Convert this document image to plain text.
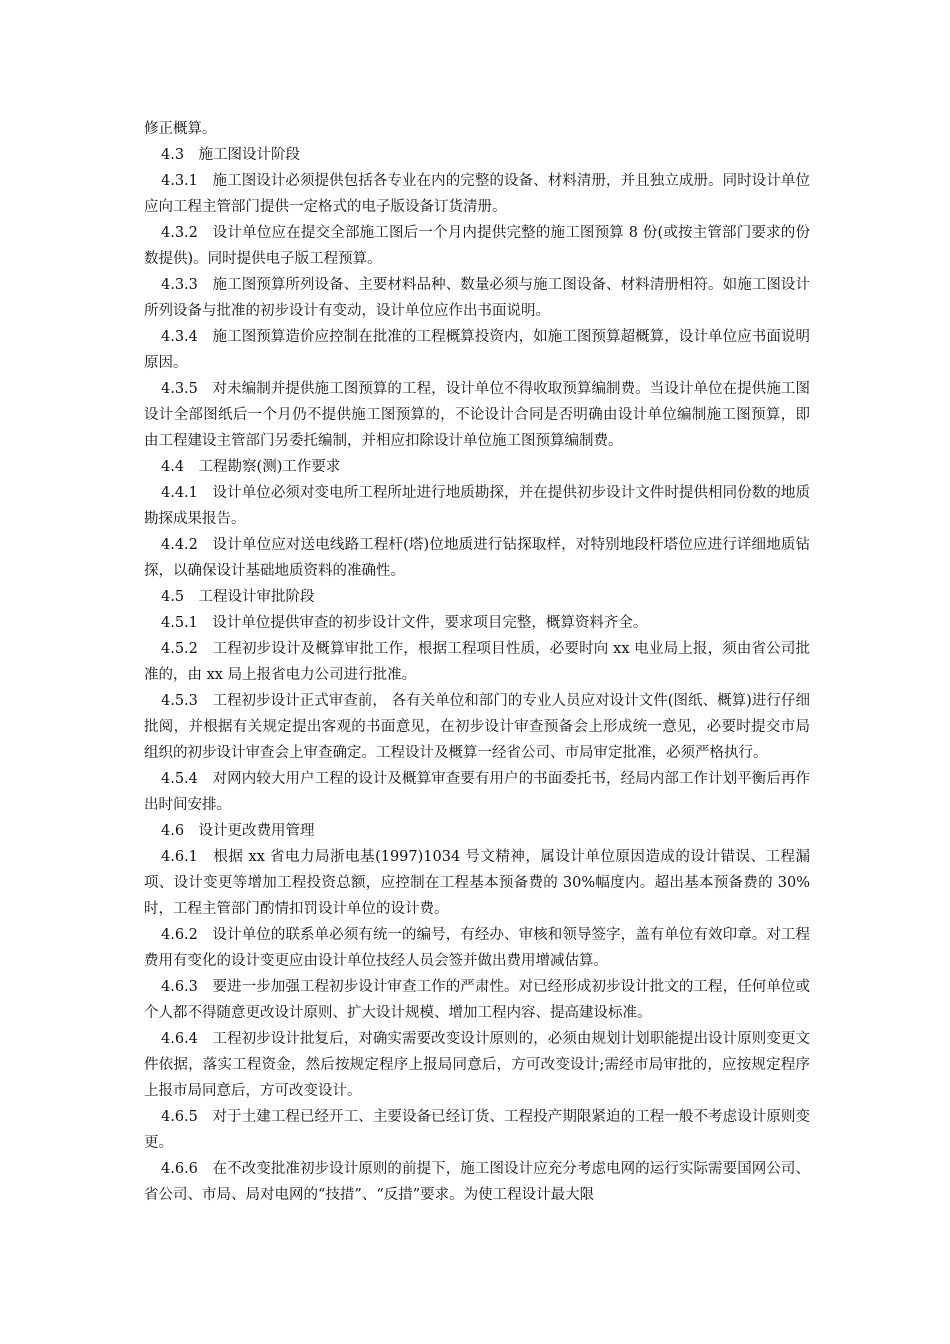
修正概算。

4.3　施工图设计阶段

4.3.1　施工图设计必须提供包括各专业在内的完整的设备、材料清册，并且独立成册。同时设计单位应向工程主管部门提供一定格式的电子版设备订货清册。

4.3.2　设计单位应在提交全部施工图后一个月内提供完整的施工图预算 8 份(或按主管部门要求的份数提供)。同时提供电子版工程预算。

4.3.3　施工图预算所列设备、主要材料品种、数量必须与施工图设备、材料清册相符。如施工图设计所列设备与批准的初步设计有变动，设计单位应作出书面说明。

4.3.4　施工图预算造价应控制在批准的工程概算投资内，如施工图预算超概算，设计单位应书面说明原因。

4.3.5　对未编制并提供施工图预算的工程，设计单位不得收取预算编制费。当设计单位在提供施工图设计全部图纸后一个月仍不提供施工图预算的，不论设计合同是否明确由设计单位编制施工图预算，即由工程建设主管部门另委托编制，并相应扣除设计单位施工图预算编制费。

4.4　工程勘察(测)工作要求

4.4.1　设计单位必须对变电所工程所址进行地质勘探，并在提供初步设计文件时提供相同份数的地质勘探成果报告。

4.4.2　设计单位应对送电线路工程杆(塔)位地质进行钻探取样，对特别地段杆塔位应进行详细地质钻探，以确保设计基础地质资料的准确性。

4.5　工程设计审批阶段

4.5.1　设计单位提供审查的初步设计文件，要求项目完整，概算资料齐全。

4.5.2　工程初步设计及概算审批工作，根据工程项目性质，必要时向 xx 电业局上报，须由省公司批准的，由 xx 局上报省电力公司进行批准。

4.5.3　工程初步设计正式审查前， 各有关单位和部门的专业人员应对设计文件(图纸、概算)进行仔细批阅，并根据有关规定提出客观的书面意见，在初步设计审查预备会上形成统一意见，必要时提交市局组织的初步设计审查会上审查确定。工程设计及概算一经省公司、市局审定批准，必须严格执行。

4.5.4　对网内较大用户工程的设计及概算审查要有用户的书面委托书，经局内部工作计划平衡后再作出时间安排。

4.6　设计更改费用管理

4.6.1　根据 xx 省电力局浙电基(1997)1034 号文精神，属设计单位原因造成的设计错误、工程漏项、设计变更等增加工程投资总额，应控制在工程基本预备费的 30%幅度内。超出基本预备费的 30%时，工程主管部门酌情扣罚设计单位的设计费。

4.6.2　设计单位的联系单必须有统一的编号，有经办、审核和领导签字，盖有单位有效印章。对工程费用有变化的设计变更应由设计单位技经人员会签并做出费用增减估算。

4.6.3　要进一步加强工程初步设计审查工作的严肃性。对已经形成初步设计批文的工程，任何单位或个人都不得随意更改设计原则、扩大设计规模、增加工程内容、提高建设标准。

4.6.4　工程初步设计批复后，对确实需要改变设计原则的，必须由规划计划职能提出设计原则变更文件依据，落实工程资金，然后按规定程序上报局同意后，方可改变设计;需经市局审批的，应按规定程序上报市局同意后，方可改变设计。

4.6.5　对于土建工程已经开工、主要设备已经订货、工程投产期限紧迫的工程一般不考虑设计原则变更。

4.6.6　在不改变批准初步设计原则的前提下，施工图设计应充分考虑电网的运行实际需要国网公司、省公司、市局、局对电网的“技措”、“反措”要求。为使工程设计最大限
